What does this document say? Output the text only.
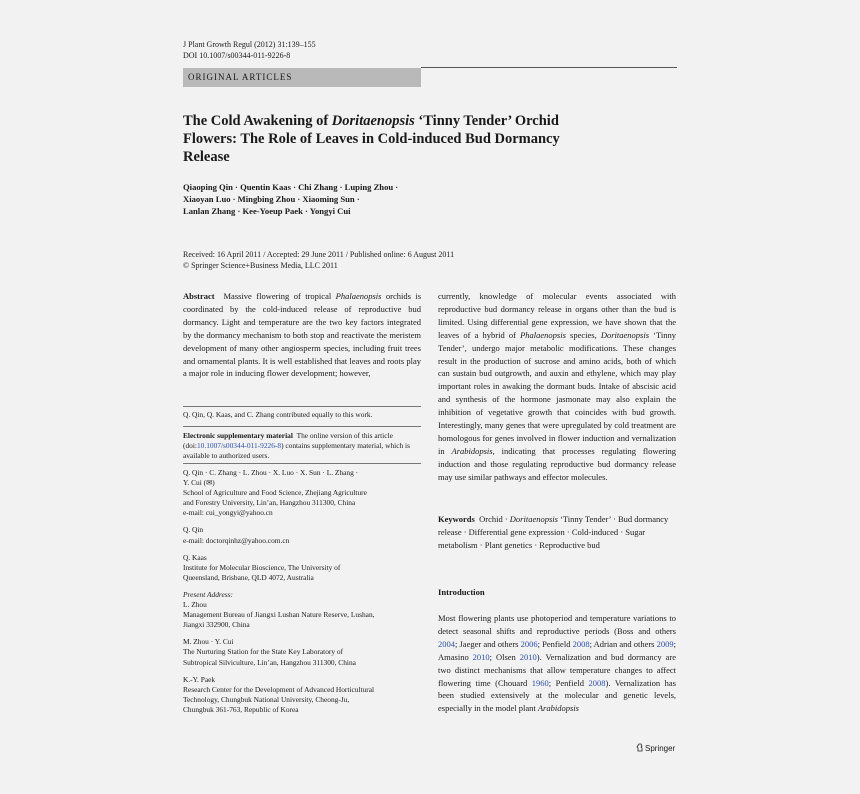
J Plant Growth Regul (2012) 31:139–155
DOI 10.1007/s00344-011-9226-8
ORIGINAL ARTICLES
The Cold Awakening of Doritaenopsis ‘Tinny Tender’ Orchid
Flowers: The Role of Leaves in Cold-induced Bud Dormancy
Release
Qiaoping Qin · Quentin Kaas · Chi Zhang · Luping Zhou ·
Xiaoyan Luo · Mingbing Zhou · Xiaoming Sun ·
Lanlan Zhang · Kee-Yoeup Paek · Yongyi Cui
Received: 16 April 2011 / Accepted: 29 June 2011 / Published online: 6 August 2011
© Springer Science+Business Media, LLC 2011
Abstract Massive flowering of tropical Phalaenopsis orchids is coordinated by the cold-induced release of reproductive bud dormancy. Light and temperature are the two key factors integrated by the dormancy mechanism to both stop and reactivate the meristem development of many other angiosperm species, including fruit trees and ornamental plants. It is well established that leaves and roots play a major role in inducing flower development; however,

Q. Qin, Q. Kaas, and C. Zhang contributed equally to this work.

Electronic supplementary material The online version of this article (doi:10.1007/s00344-011-9226-8) contains supplementary material, which is available to authorized users.

Q. Qin · C. Zhang · L. Zhou · X. Luo · X. Sun · L. Zhang ·

Y. Cui (✉)

School of Agriculture and Food Science, Zhejiang Agriculture

and Forestry University, Lin’an, Hangzhou 311300, China

e-mail: cui_yongyi@yahoo.cn

Q. Qin

e-mail: doctorqinhz@yahoo.com.cn

Q. Kaas

Institute for Molecular Bioscience, The University of

Queensland, Brisbane, QLD 4072, Australia

Present Address:

L. Zhou

Management Bureau of Jiangxi Lushan Nature Reserve, Lushan,

Jiangxi 332900, China

M. Zhou · Y. Cui

The Nurturing Station for the State Key Laboratory of

Subtropical Silviculture, Lin’an, Hangzhou 311300, China

K.-Y. Paek

Research Center for the Development of Advanced Horticultural

Technology, Chungbuk National University, Cheong-Ju,

Chungbuk 361-763, Republic of Korea

currently, knowledge of molecular events associated with reproductive bud dormancy release in organs other than the bud is limited. Using differential gene expression, we have shown that the leaves of a hybrid of Phalaenopsis species, Doritaenopsis ‘Tinny Tender’, undergo major metabolic modifications. These changes result in the production of sucrose and amino acids, both of which can sustain bud outgrowth, and auxin and ethylene, which may play important roles in awaking the dormant buds. Intake of abscisic acid and synthesis of the hormone jasmonate may also explain the inhibition of vegetative growth that coincides with bud growth. Interestingly, many genes that were upregulated by cold treatment are homologous for genes involved in flower induction and vernalization in Arabidopsis, indicating that processes regulating flowering induction and those regulating reproductive bud dormancy release may use similar pathways and effector molecules.
Keywords Orchid · Doritaenopsis ‘Tinny Tender’ · Bud dormancy release · Differential gene expression · Cold-induced · Sugar metabolism · Plant genetics · Reproductive bud
Introduction
Most flowering plants use photoperiod and temperature variations to detect seasonal shifts and reproductive periods (Boss and others 2004; Jaeger and others 2006; Penfield 2008; Adrian and others 2009; Amasino 2010; Olsen 2010). Vernalization and bud dormancy are two distinct mechanisms that allow temperature changes to affect flowering time (Chouard 1960; Penfield 2008). Vernalization has been studied extensively at the molecular and genetic levels, especially in the model plant Arabidopsis
Springer
